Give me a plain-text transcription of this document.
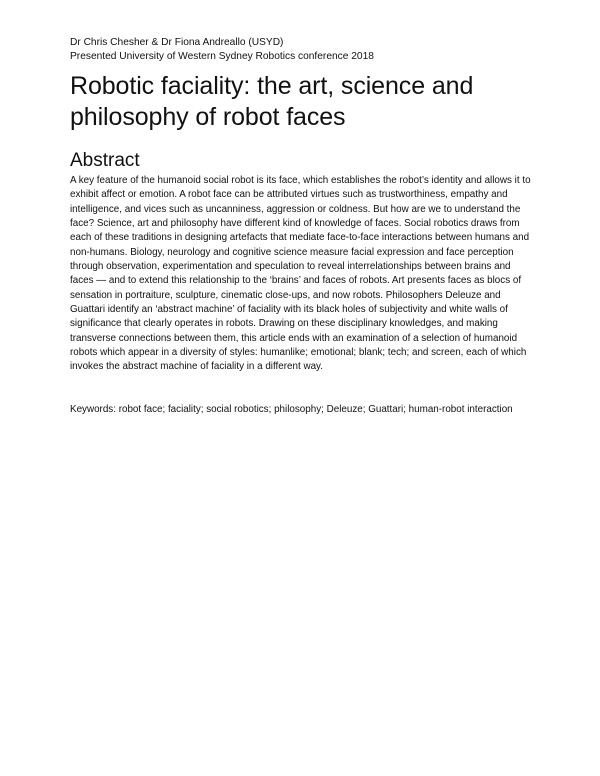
Dr Chris Chesher & Dr Fiona Andreallo (USYD)

Presented University of Western Sydney Robotics conference 2018

Robotic faciality: the art, science and philosophy of robot faces
Abstract

A key feature of the humanoid social robot is its face, which establishes the robot’s identity and allows it to exhibit affect or emotion. A robot face can be attributed virtues such as trustworthiness, empathy and intelligence, and vices such as uncanniness, aggression or coldness. But how are we to understand the face? Science, art and philosophy have different kind of knowledge of faces. Social robotics draws from each of these traditions in designing artefacts that mediate face-to-face interactions between humans and non-humans. Biology, neurology and cognitive science measure facial expression and face perception through observation, experimentation and speculation to reveal interrelationships between brains and faces — and to extend this relationship to the ‘brains’ and faces of robots. Art presents faces as blocs of sensation in portraiture, sculpture, cinematic close-ups, and now robots. Philosophers Deleuze and Guattari identify an ‘abstract machine’ of faciality with its black holes of subjectivity and white walls of significance that clearly operates in robots. Drawing on these disciplinary knowledges, and making transverse connections between them, this article ends with an examination of a selection of humanoid robots which appear in a diversity of styles: humanlike; emotional; blank; tech; and screen, each of which invokes the abstract machine of faciality in a different way.

Keywords: robot face; faciality; social robotics; philosophy; Deleuze; Guattari; human-robot interaction
